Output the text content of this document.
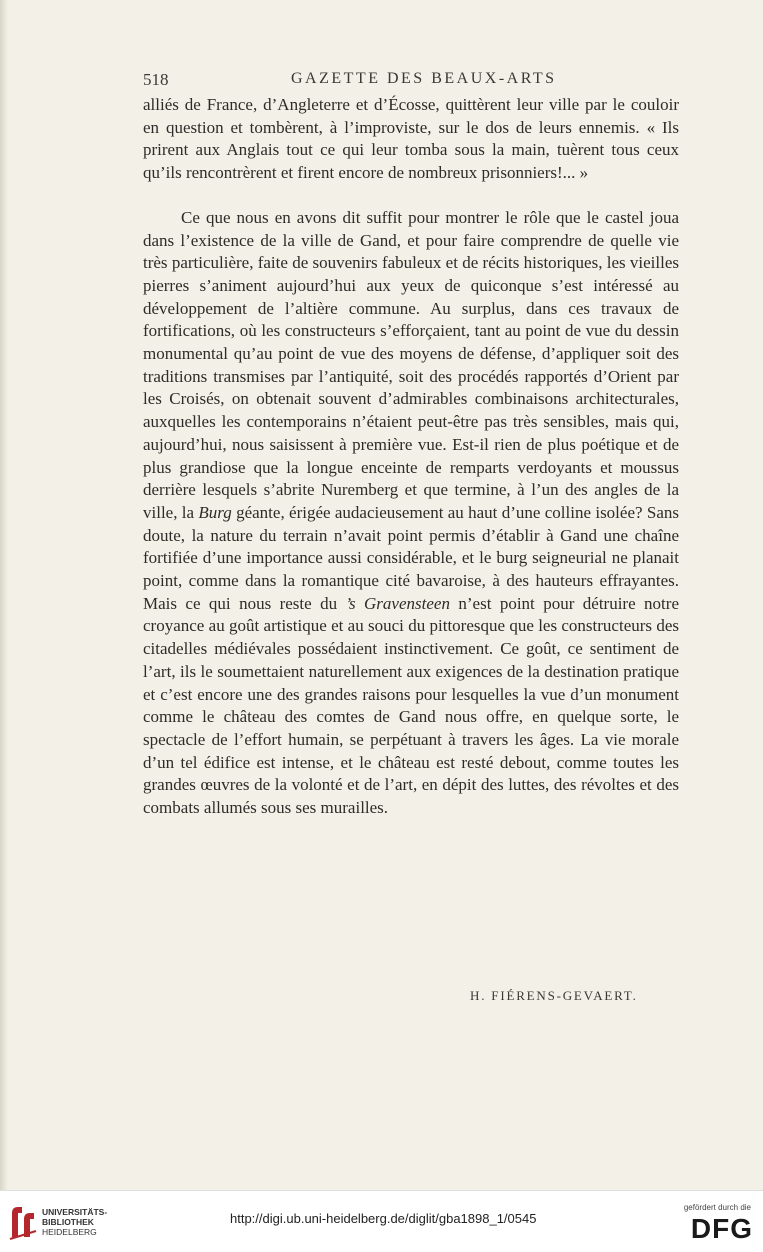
518	GAZETTE DES BEAUX-ARTS

alliés de France, d’Angleterre et d’Écosse, quittèrent leur ville par le couloir en question et tombèrent, à l’improviste, sur le dos de leurs ennemis. « Ils prirent aux Anglais tout ce qui leur tomba sous la main, tuèrent tous ceux qu’ils rencontrèrent et firent encore de nombreux prisonniers!... »

Ce que nous en avons dit suffit pour montrer le rôle que le castel joua dans l’existence de la ville de Gand, et pour faire comprendre de quelle vie très particulière, faite de souvenirs fabuleux et de récits historiques, les vieilles pierres s’animent aujourd’hui aux yeux de quiconque s’est intéressé au développement de l’altière commune. Au surplus, dans ces travaux de fortifications, où les constructeurs s’efforçaient, tant au point de vue du dessin monumental qu’au point de vue des moyens de défense, d’appliquer soit des traditions transmises par l’antiquité, soit des procédés rapportés d’Orient par les Croisés, on obtenait souvent d’admirables combinaisons architecturales, auxquelles les contemporains n’étaient peut-être pas très sensibles, mais qui, aujourd’hui, nous saisissent à première vue. Est-il rien de plus poétique et de plus grandiose que la longue enceinte de remparts verdoyants et moussus derrière lesquels s’abrite Nuremberg et que termine, à l’un des angles de la ville, la Burg géante, érigée audacieusement au haut d’une colline isolée? Sans doute, la nature du terrain n’avait point permis d’établir à Gand une chaîne fortifiée d’une importance aussi considérable, et le burg seigneurial ne planait point, comme dans la romantique cité bavaroise, à des hauteurs effrayantes. Mais ce qui nous reste du ’s Gravensteen n’est point pour détruire notre croyance au goût artistique et au souci du pittoresque que les constructeurs des citadelles médiévales possédaient instinctivement. Ce goût, ce sentiment de l’art, ils le soumettaient naturellement aux exigences de la destination pratique et c’est encore une des grandes raisons pour lesquelles la vue d’un monument comme le château des comtes de Gand nous offre, en quelque sorte, le spectacle de l’effort humain, se perpétuant à travers les âges. La vie morale d’un tel édifice est intense, et le château est resté debout, comme toutes les grandes œuvres de la volonté et de l’art, en dépit des luttes, des révoltes et des combats allumés sous ses murailles.

H. FIÉRENS-GEVAERT.
UNIVERSITÄTS-
BIBLIOTHEK
HEIDELBERG
http://digi.ub.uni-heidelberg.de/diglit/gba1898_1/0545
gefördert durch die
DFG
